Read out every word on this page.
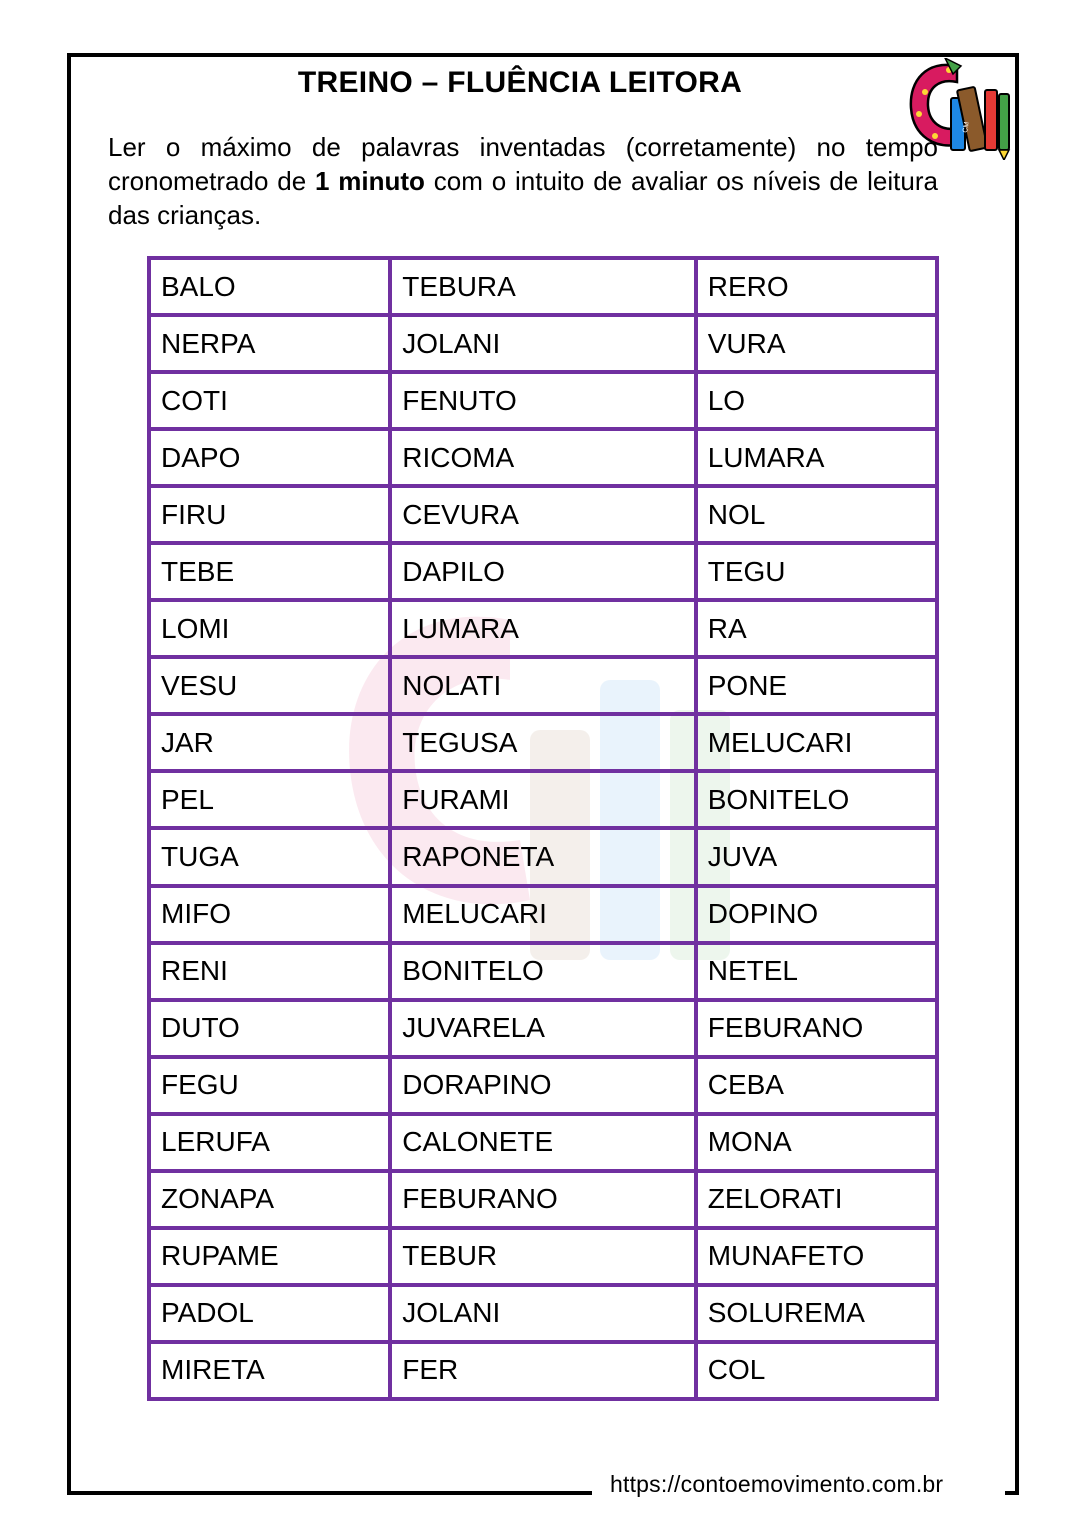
CM
TREINO – FLUÊNCIA LEITORA

Ler o máximo de palavras inventadas (corretamente) no tempo cronometrado de 1 minuto com o intuito de avaliar os níveis de leitura das crianças.

BALO	TEBURA	RERO
NERPA	JOLANI	VURA
COTI	FENUTO	LO
DAPO	RICOMA	LUMARA
FIRU	CEVURA	NOL
TEBE	DAPILO	TEGU
LOMI	LUMARA	RA
VESU	NOLATI	PONE
JAR	TEGUSA	MELUCARI
PEL	FURAMI	BONITELO
TUGA	RAPONETA	JUVA
MIFO	MELUCARI	DOPINO
RENI	BONITELO	NETEL
DUTO	JUVARELA	FEBURANO
FEGU	DORAPINO	CEBA
LERUFA	CALONETE	MONA
ZONAPA	FEBURANO	ZELORATI
RUPAME	TEBUR	MUNAFETO
PADOL	JOLANI	SOLUREMA
MIRETA	FER	COL
https://contoemovimento.com.br
